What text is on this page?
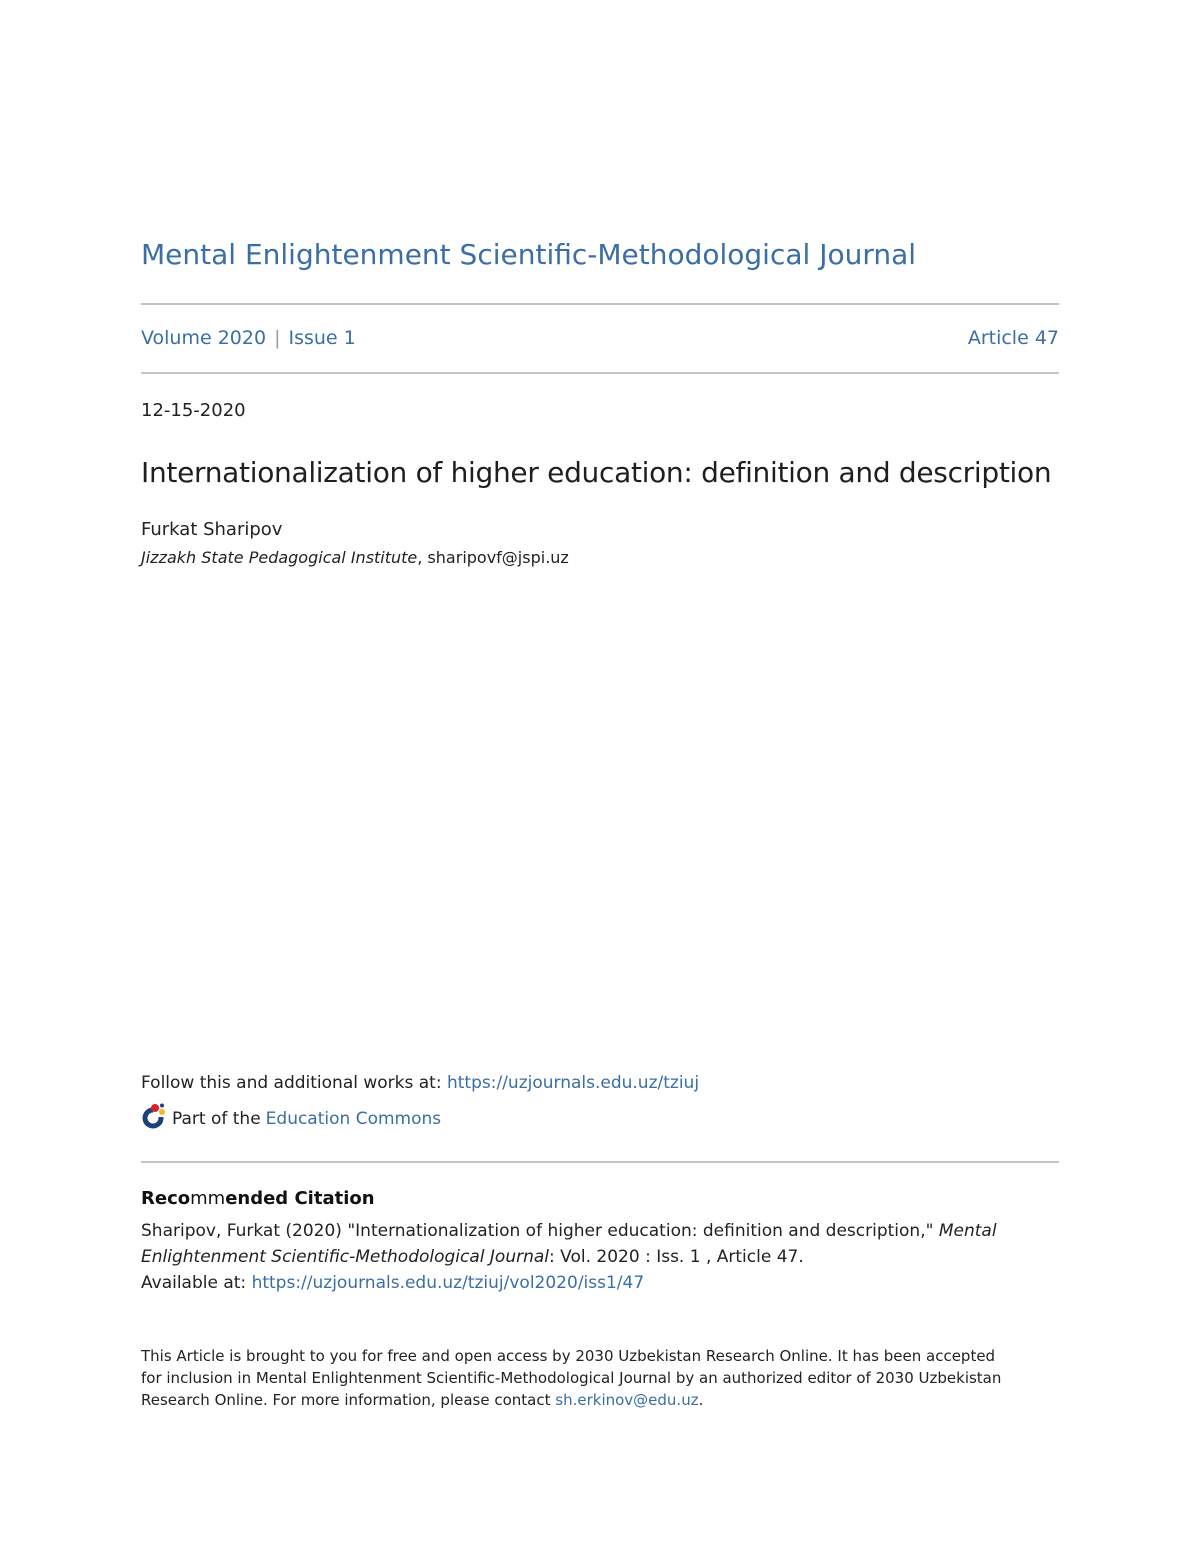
Mental Enlightenment Scientific-Methodological Journal
Volume 2020 | Issue 1	Article 47
12-15-2020
Internationalization of higher education: definition and description
Furkat Sharipov
Jizzakh State Pedagogical Institute, sharipovf@jspi.uz
Follow this and additional works at: https://uzjournals.edu.uz/tziuj
Part of the Education Commons
Recommended Citation
Sharipov, Furkat (2020) "Internationalization of higher education: definition and description," Mental
Enlightenment Scientific-Methodological Journal: Vol. 2020 : Iss. 1 , Article 47.
Available at: https://uzjournals.edu.uz/tziuj/vol2020/iss1/47
This Article is brought to you for free and open access by 2030 Uzbekistan Research Online. It has been accepted
for inclusion in Mental Enlightenment Scientific-Methodological Journal by an authorized editor of 2030 Uzbekistan
Research Online. For more information, please contact sh.erkinov@edu.uz.
